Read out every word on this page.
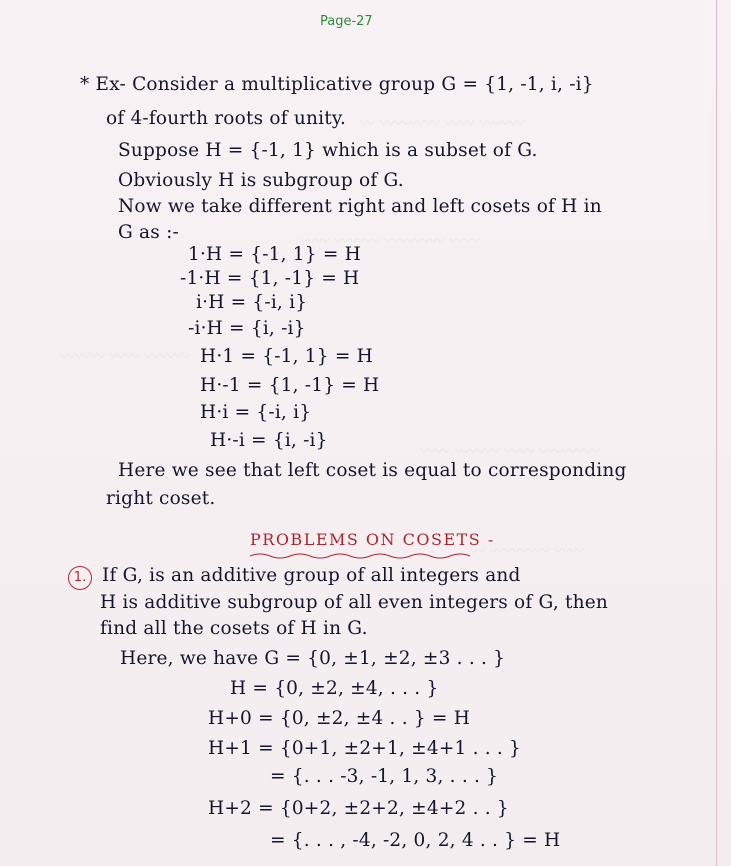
〰〰〰 〰〰 〰〰〰〰 〰
〰〰 〰〰〰〰 〰〰〰 〰〰
〰〰〰 〰〰 〰〰〰
〰〰〰〰 〰〰 〰〰〰 〰〰
〰〰 〰〰〰〰 〰
Page-27
* Ex- Consider a multiplicative group G = {1, -1, i, -i}
of 4-fourth roots of unity.
Suppose H = {-1, 1} which is a subset of G.
Obviously H is subgroup of G.
Now we take different right and left cosets of H in
G as :-
1·H = {-1, 1} = H
-1·H = {1, -1} = H
i·H = {-i, i}
-i·H = {i, -i}
H·1 = {-1, 1} = H
H·-1 = {1, -1} = H
H·i = {-i, i}
H·-i = {i, -i}
Here we see that left coset is equal to corresponding
right coset.
PROBLEMS ON COSETS -
1. If G, is an additive group of all integers and
H is additive subgroup of all even integers of G, then
find all the cosets of H in G.
Here, we have G = {0, ±1, ±2, ±3 . . . }
H = {0, ±2, ±4, . . . }
H+0 = {0, ±2, ±4 . . } = H
H+1 = {0+1, ±2+1, ±4+1 . . . }
= {. . . -3, -1, 1, 3, . . . }
H+2 = {0+2, ±2+2, ±4+2 . . }
= {. . . , -4, -2, 0, 2, 4 . . } = H
